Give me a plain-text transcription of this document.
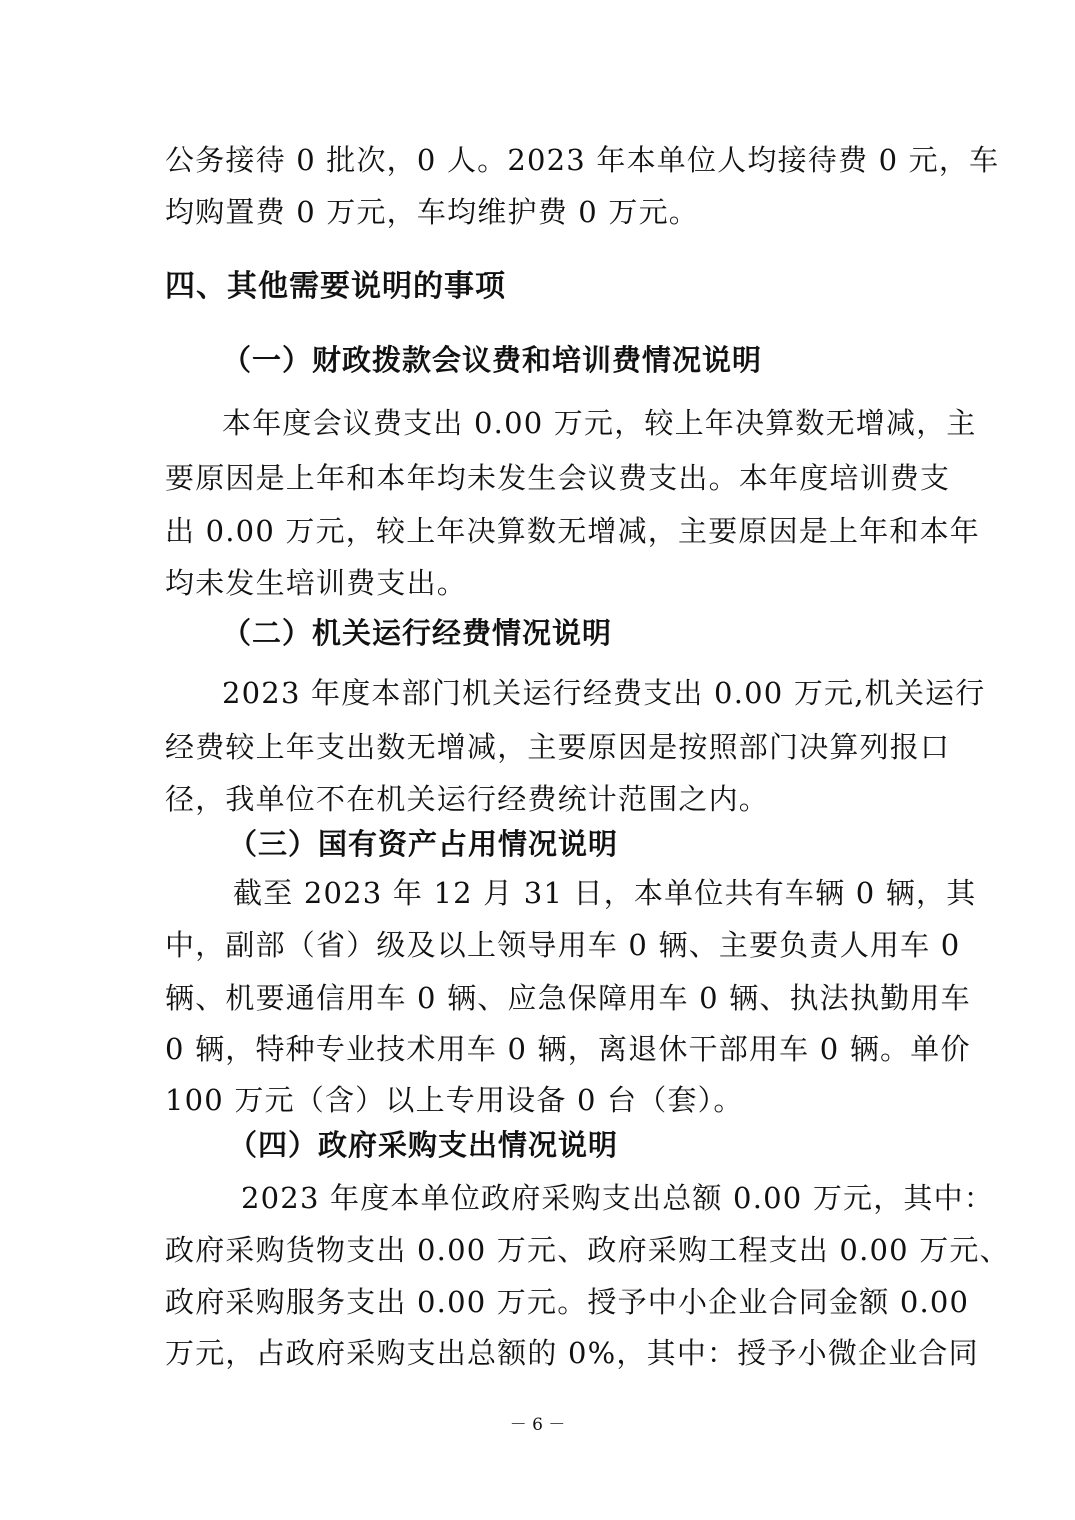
公务接待 0 批次，0 人。2023 年本单位人均接待费 0 元，车
均购置费 0 万元，车均维护费 0 万元。
四、其他需要说明的事项
（一）财政拨款会议费和培训费情况说明
本年度会议费支出 0.00 万元，较上年决算数无增减，主
要原因是上年和本年均未发生会议费支出。本年度培训费支
出 0.00 万元，较上年决算数无增减，主要原因是上年和本年
均未发生培训费支出。
（二）机关运行经费情况说明
2023 年度本部门机关运行经费支出 0.00 万元,机关运行
经费较上年支出数无增减，主要原因是按照部门决算列报口
径，我单位不在机关运行经费统计范围之内。
（三）国有资产占用情况说明
截至 2023 年 12 月 31 日，本单位共有车辆 0 辆，其
中，副部（省）级及以上领导用车 0 辆、主要负责人用车 0
辆、机要通信用车 0 辆、应急保障用车 0 辆、执法执勤用车
0 辆，特种专业技术用车 0 辆，离退休干部用车 0 辆。单价
100 万元（含）以上专用设备 0 台（套）。
（四）政府采购支出情况说明
2023 年度本单位政府采购支出总额 0.00 万元，其中：
政府采购货物支出 0.00 万元、政府采购工程支出 0.00 万元、
政府采购服务支出 0.00 万元。授予中小企业合同金额 0.00
万元，占政府采购支出总额的 0%，其中：授予小微企业合同
－ 6 －
